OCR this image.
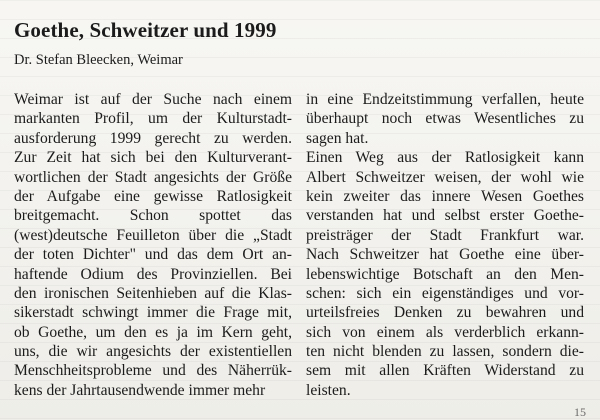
Goethe, Schweitzer und 1999

Dr. Stefan Bleecken, Weimar

Weimar ist auf der Suche nach einem
markanten Profil, um der Kulturstadt-
ausforderung 1999 gerecht zu werden.
Zur Zeit hat sich bei den Kulturverant-
wortlichen der Stadt angesichts der Größe
der Aufgabe eine gewisse Ratlosigkeit
breitgemacht. Schon spottet das
(west)deutsche Feuilleton über die „Stadt
der toten Dichter" und das dem Ort an-
haftende Odium des Provinziellen. Bei
den ironischen Seitenhieben auf die Klas-
sikerstadt schwingt immer die Frage mit,
ob Goethe, um den es ja im Kern geht,
uns, die wir angesichts der existentiellen
Menschheitsprobleme und des Näherrük-
kens der Jahrtausendwende immer mehr
in eine Endzeitstimmung verfallen, heute
überhaupt noch etwas Wesentliches zu
sagen hat.
Einen Weg aus der Ratlosigkeit kann
Albert Schweitzer weisen, der wohl wie
kein zweiter das innere Wesen Goethes
verstanden hat und selbst erster Goethe-
preisträger der Stadt Frankfurt war.
Nach Schweitzer hat Goethe eine über-
lebenswichtige Botschaft an den Men-
schen: sich ein eigenständiges und vor-
urteilsfreies Denken zu bewahren und
sich von einem als verderblich erkann-
ten nicht blenden zu lassen, sondern die-
sem mit allen Kräften Widerstand zu
leisten.
15
